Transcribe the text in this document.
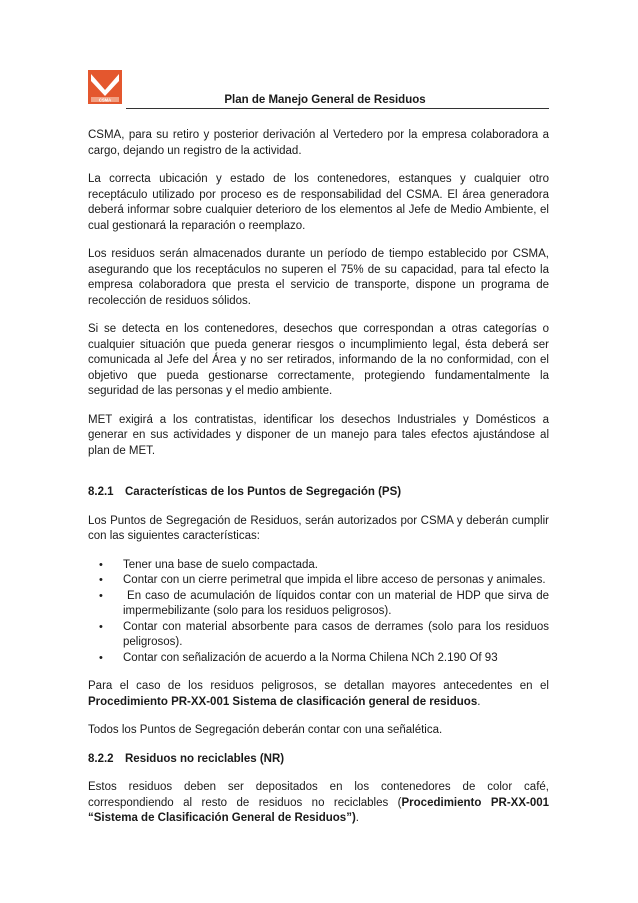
CSMA	Plan de Manejo General de Residuos

CSMA, para su retiro y posterior derivación al Vertedero por la empresa colaboradora a cargo, dejando un registro de la actividad.

La correcta ubicación y estado de los contenedores, estanques y cualquier otro receptáculo utilizado por proceso es de responsabilidad del CSMA. El área generadora deberá informar sobre cualquier deterioro de los elementos al Jefe de Medio Ambiente, el cual gestionará la reparación o reemplazo.

Los residuos serán almacenados durante un período de tiempo establecido por CSMA, asegurando que los receptáculos no superen el 75% de su capacidad, para tal efecto la empresa colaboradora que presta el servicio de transporte, dispone un programa de recolección de residuos sólidos.

Si se detecta en los contenedores, desechos que correspondan a otras categorías o cualquier situación que pueda generar riesgos o incumplimiento legal, ésta deberá ser comunicada al Jefe del Área y no ser retirados, informando de la no conformidad, con el objetivo que pueda gestionarse correctamente, protegiendo fundamentalmente la seguridad de las personas y el medio ambiente.

MET exigirá a los contratistas, identificar los desechos Industriales y Domésticos a generar en sus actividades y disponer de un manejo para tales efectos ajustándose al plan de MET.

8.2.1 Características de los Puntos de Segregación (PS)

Los Puntos de Segregación de Residuos, serán autorizados por CSMA y deberán cumplir con las siguientes características:

• Tener una base de suelo compactada.
• Contar con un cierre perimetral que impida el libre acceso de personas y animales.
• En caso de acumulación de líquidos contar con un material de HDP que sirva de impermebilizante (solo para los residuos peligrosos).
• Contar con material absorbente para casos de derrames (solo para los residuos peligrosos).
• Contar con señalización de acuerdo a la Norma Chilena NCh 2.190 Of 93

Para el caso de los residuos peligrosos, se detallan mayores antecedentes en el Procedimiento PR-XX-001 Sistema de clasificación general de residuos.

Todos los Puntos de Segregación deberán contar con una señalética.

8.2.2 Residuos no reciclables (NR)

Estos residuos deben ser depositados en los contenedores de color café, correspondiendo al resto de residuos no reciclables (Procedimiento PR-XX-001 “Sistema de Clasificación General de Residuos”).
